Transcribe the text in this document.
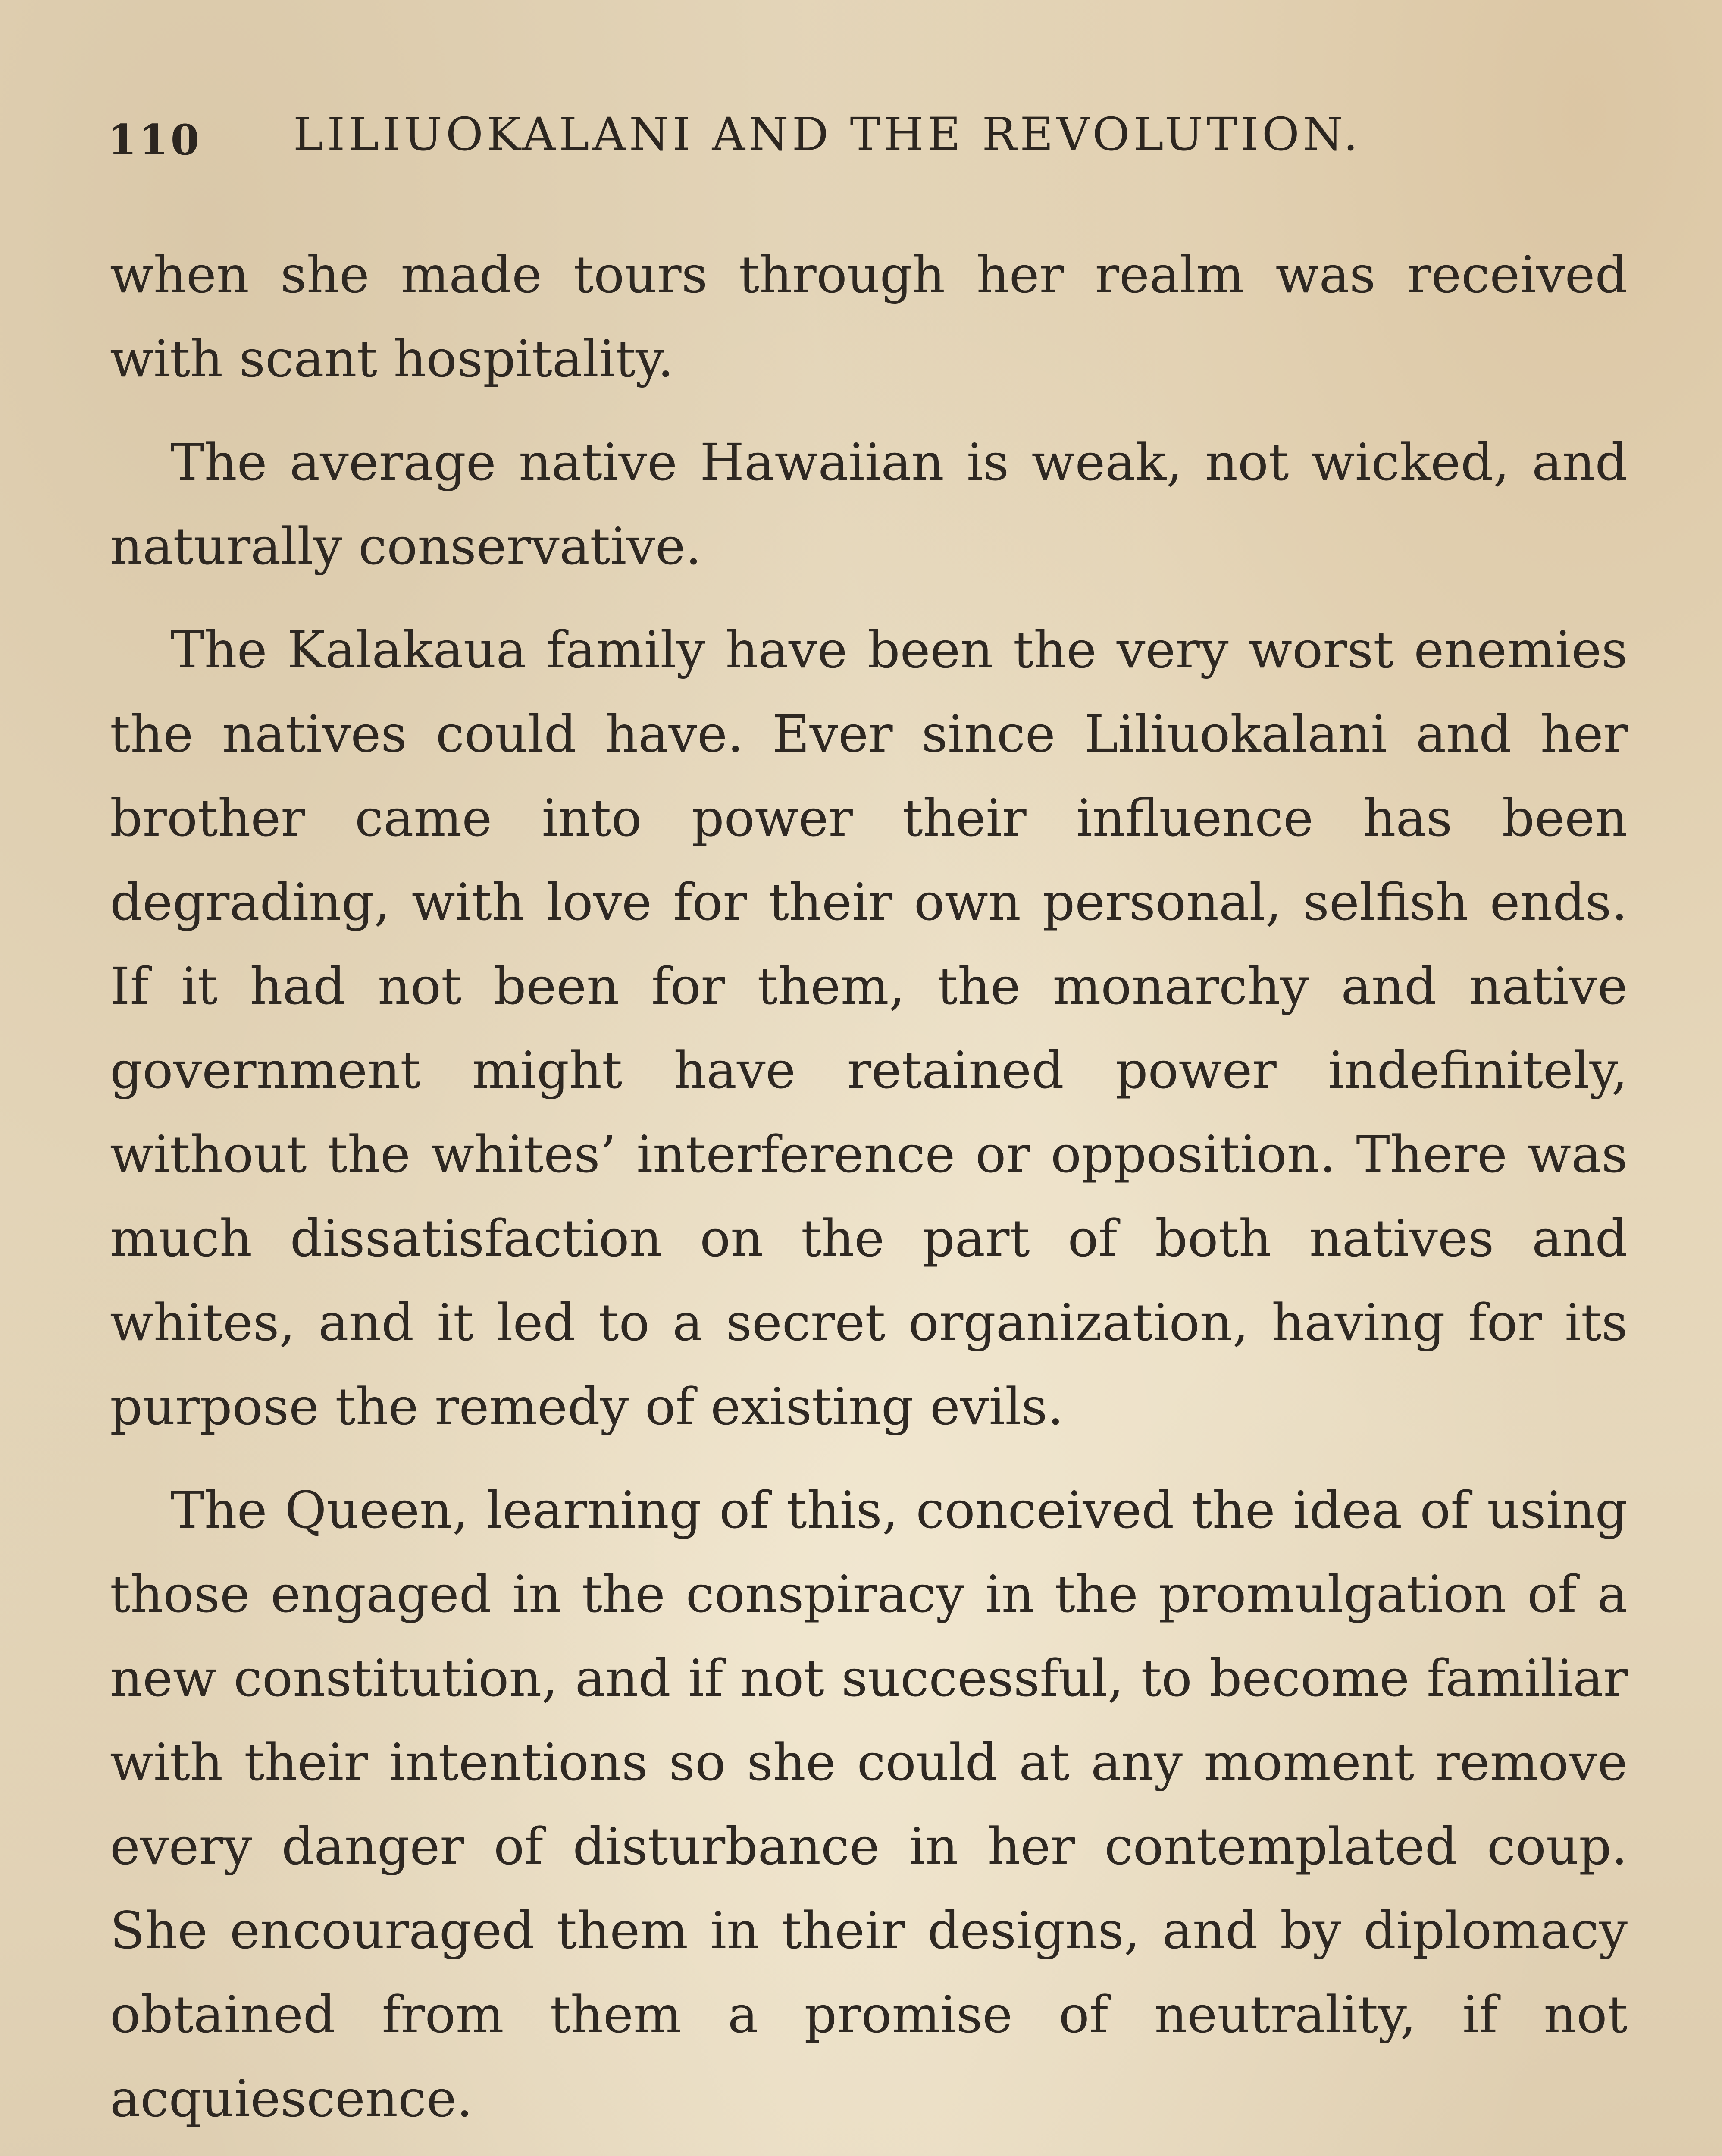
110 LILIUOKALANI AND THE REVOLUTION.

when she made tours through her realm was received with scant hospitality.

The average native Hawaiian is weak, not wicked, and naturally conservative.

The Kalakaua family have been the very worst enemies the natives could have. Ever since Liliuokalani and her brother came into power their influence has been degrading, with love for their own personal, selfish ends. If it had not been for them, the monarchy and native government might have retained power indefinitely, without the whites’ interference or opposition. There was much dissatisfaction on the part of both natives and whites, and it led to a secret organization, having for its purpose the remedy of existing evils.

The Queen, learning of this, conceived the idea of using those engaged in the conspiracy in the promulgation of a new constitution, and if not successful, to become familiar with their intentions so she could at any moment remove every danger of disturbance in her contemplated coup. She encouraged them in their designs, and by diplomacy obtained from them a promise of neutrality, if not acquiescence.
